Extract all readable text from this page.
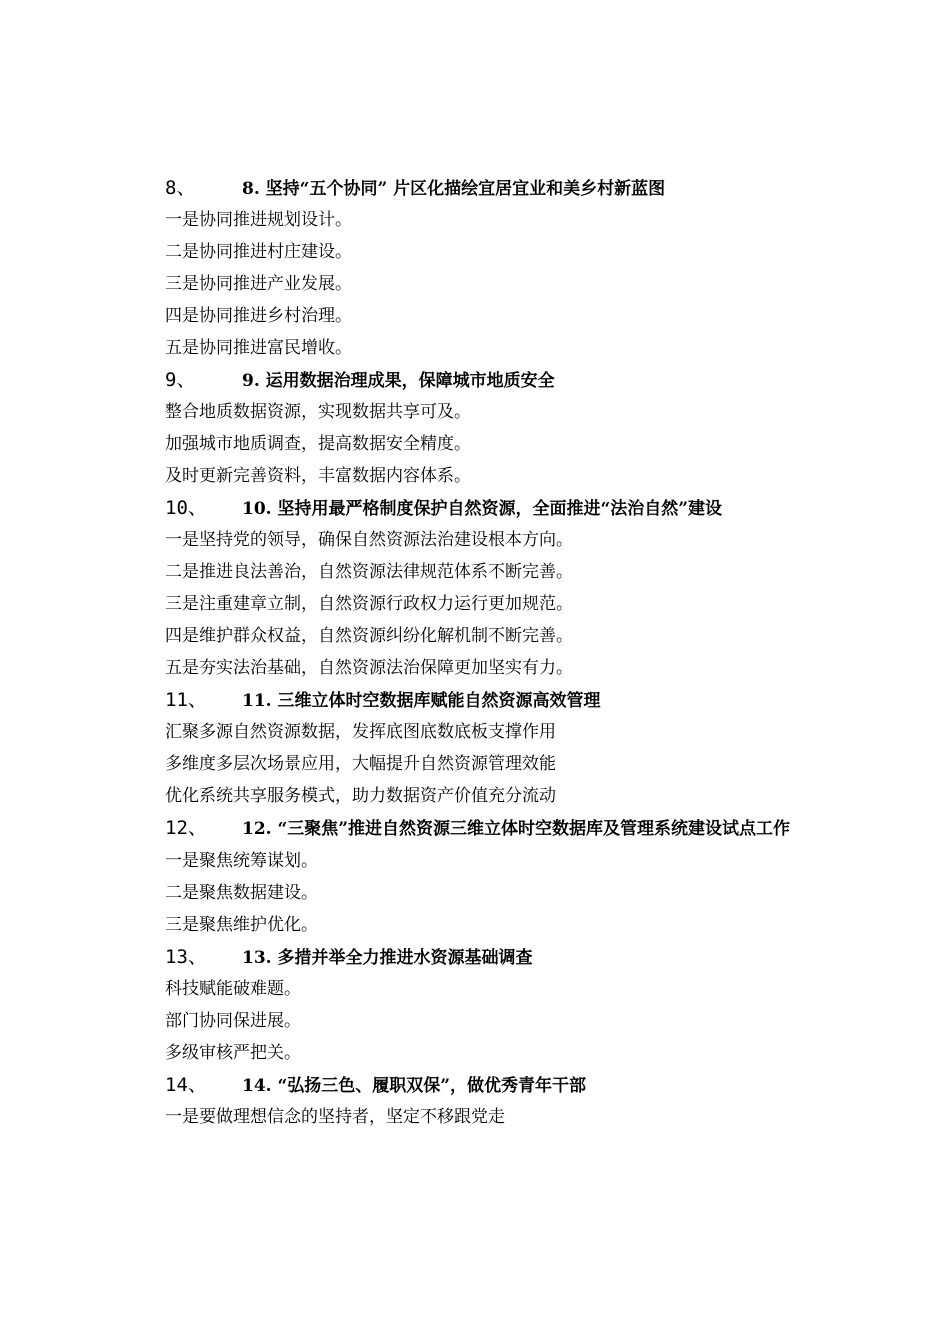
8、	8. 坚持“五个协同” 片区化描绘宜居宜业和美乡村新蓝图
一是协同推进规划设计。
二是协同推进村庄建设。
三是协同推进产业发展。
四是协同推进乡村治理。
五是协同推进富民增收。
9、	9. 运用数据治理成果，保障城市地质安全
整合地质数据资源，实现数据共享可及。
加强城市地质调查，提高数据安全精度。
及时更新完善资料，丰富数据内容体系。
10、	10. 坚持用最严格制度保护自然资源，全面推进“法治自然”建设
一是坚持党的领导，确保自然资源法治建设根本方向。
二是推进良法善治，自然资源法律规范体系不断完善。
三是注重建章立制，自然资源行政权力运行更加规范。
四是维护群众权益，自然资源纠纷化解机制不断完善。
五是夯实法治基础，自然资源法治保障更加坚实有力。
11、	11. 三维立体时空数据库赋能自然资源高效管理
汇聚多源自然资源数据，发挥底图底数底板支撑作用
多维度多层次场景应用，大幅提升自然资源管理效能
优化系统共享服务模式，助力数据资产价值充分流动
12、 12. “三聚焦”推进自然资源三维立体时空数据库及管理系统建设试点工作
一是聚焦统筹谋划。
二是聚焦数据建设。
三是聚焦维护优化。
13、	13. 多措并举全力推进水资源基础调查
科技赋能破难题。
部门协同保进展。
多级审核严把关。
14、	14. “弘扬三色、履职双保”，做优秀青年干部
一是要做理想信念的坚持者，坚定不移跟党走
